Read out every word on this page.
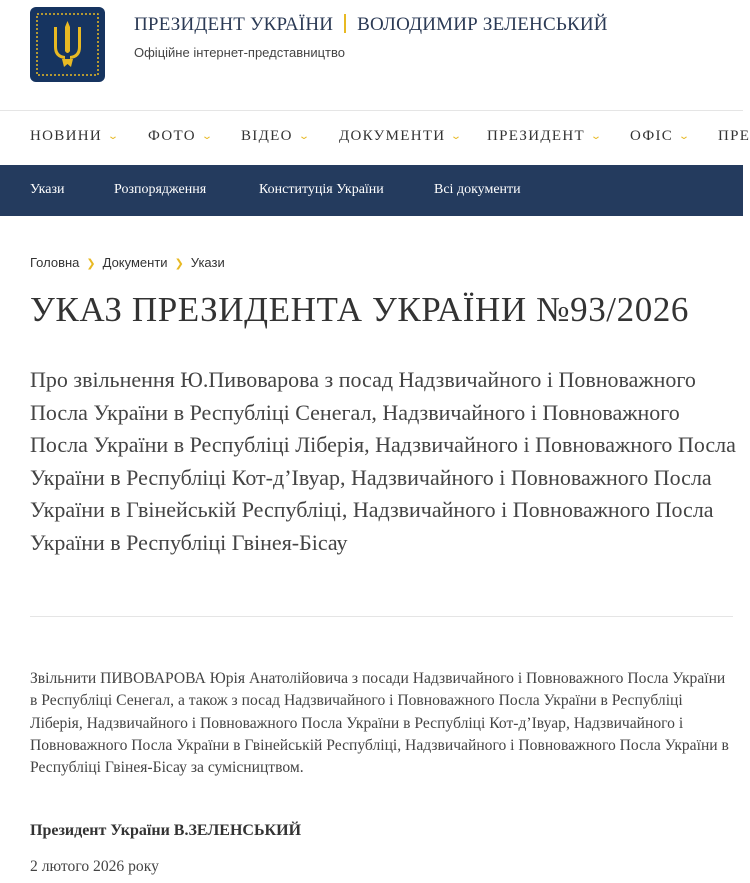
ПРЕЗИДЕНТ УКРАЇНИ ВОЛОДИМИР ЗЕЛЕНСЬКИЙ
Офіційне інтернет-представництво
НОВИНИ ⌄ ФОТО ⌄ ВІДЕО ⌄ ДОКУМЕНТИ ⌄ ПРЕЗИДЕНТ ⌄ ОФІС ⌄ ПРЕ
Укази	Розпорядження	Конституція України	Всі документи
Головна ❯ Документи ❯ Укази
УКАЗ ПРЕЗИДЕНТА УКРАЇНИ №93/2026
Про звільнення Ю.Пивоварова з посад Надзвичайного і Повноважного Посла України в Республіці Сенегал, Надзвичайного і Повноважного Посла України в Республіці Ліберія, Надзвичайного і Повноважного Посла України в Республіці Кот-д’Івуар, Надзвичайного і Повноважного Посла України в Гвінейській Республіці, Надзвичайного і Повноважного Посла України в Республіці Гвінея-Бісау

Звільнити ПИВОВАРОВА Юрія Анатолійовича з посади Надзвичайного і Повноважного Посла України в Республіці Сенегал, а також з посад Надзвичайного і Повноважного Посла України в Республіці Ліберія, Надзвичайного і Повноважного Посла України в Республіці Кот-д’Івуар, Надзвичайного і Повноважного Посла України в Гвінейській Республіці, Надзвичайного і Повноважного Посла України в Республіці Гвінея-Бісау за сумісництвом.

Президент України В.ЗЕЛЕНСЬКИЙ

2 лютого 2026 року
